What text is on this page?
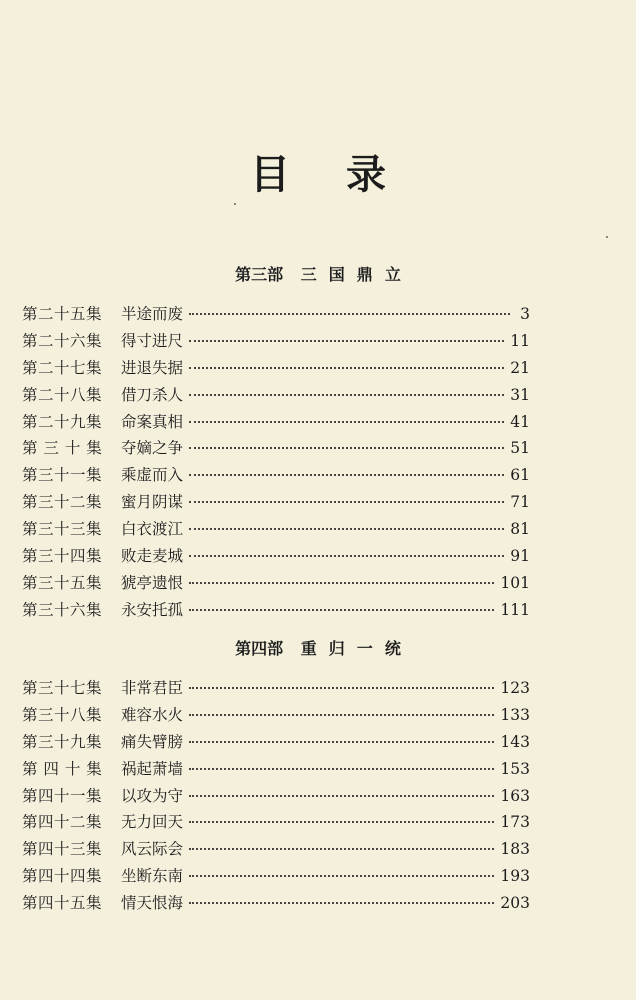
目 录
第三部 三 国 鼎 立
第二十五集	半途而废	3
第二十六集	得寸进尺	11
第二十七集	进退失据	21
第二十八集	借刀杀人	31
第二十九集	命案真相	41
第 三 十 集	夺嫡之争	51
第三十一集	乘虚而入	61
第三十二集	蜜月阴谋	71
第三十三集	白衣渡江	81
第三十四集	败走麦城	91
第三十五集	猇亭遗恨	101
第三十六集	永安托孤	111
第四部 重 归 一 统
第三十七集	非常君臣	123
第三十八集	难容水火	133
第三十九集	痛失臂膀	143
第 四 十 集	祸起萧墙	153
第四十一集	以攻为守	163
第四十二集	无力回天	173
第四十三集	风云际会	183
第四十四集	坐断东南	193
第四十五集	情天恨海	203
